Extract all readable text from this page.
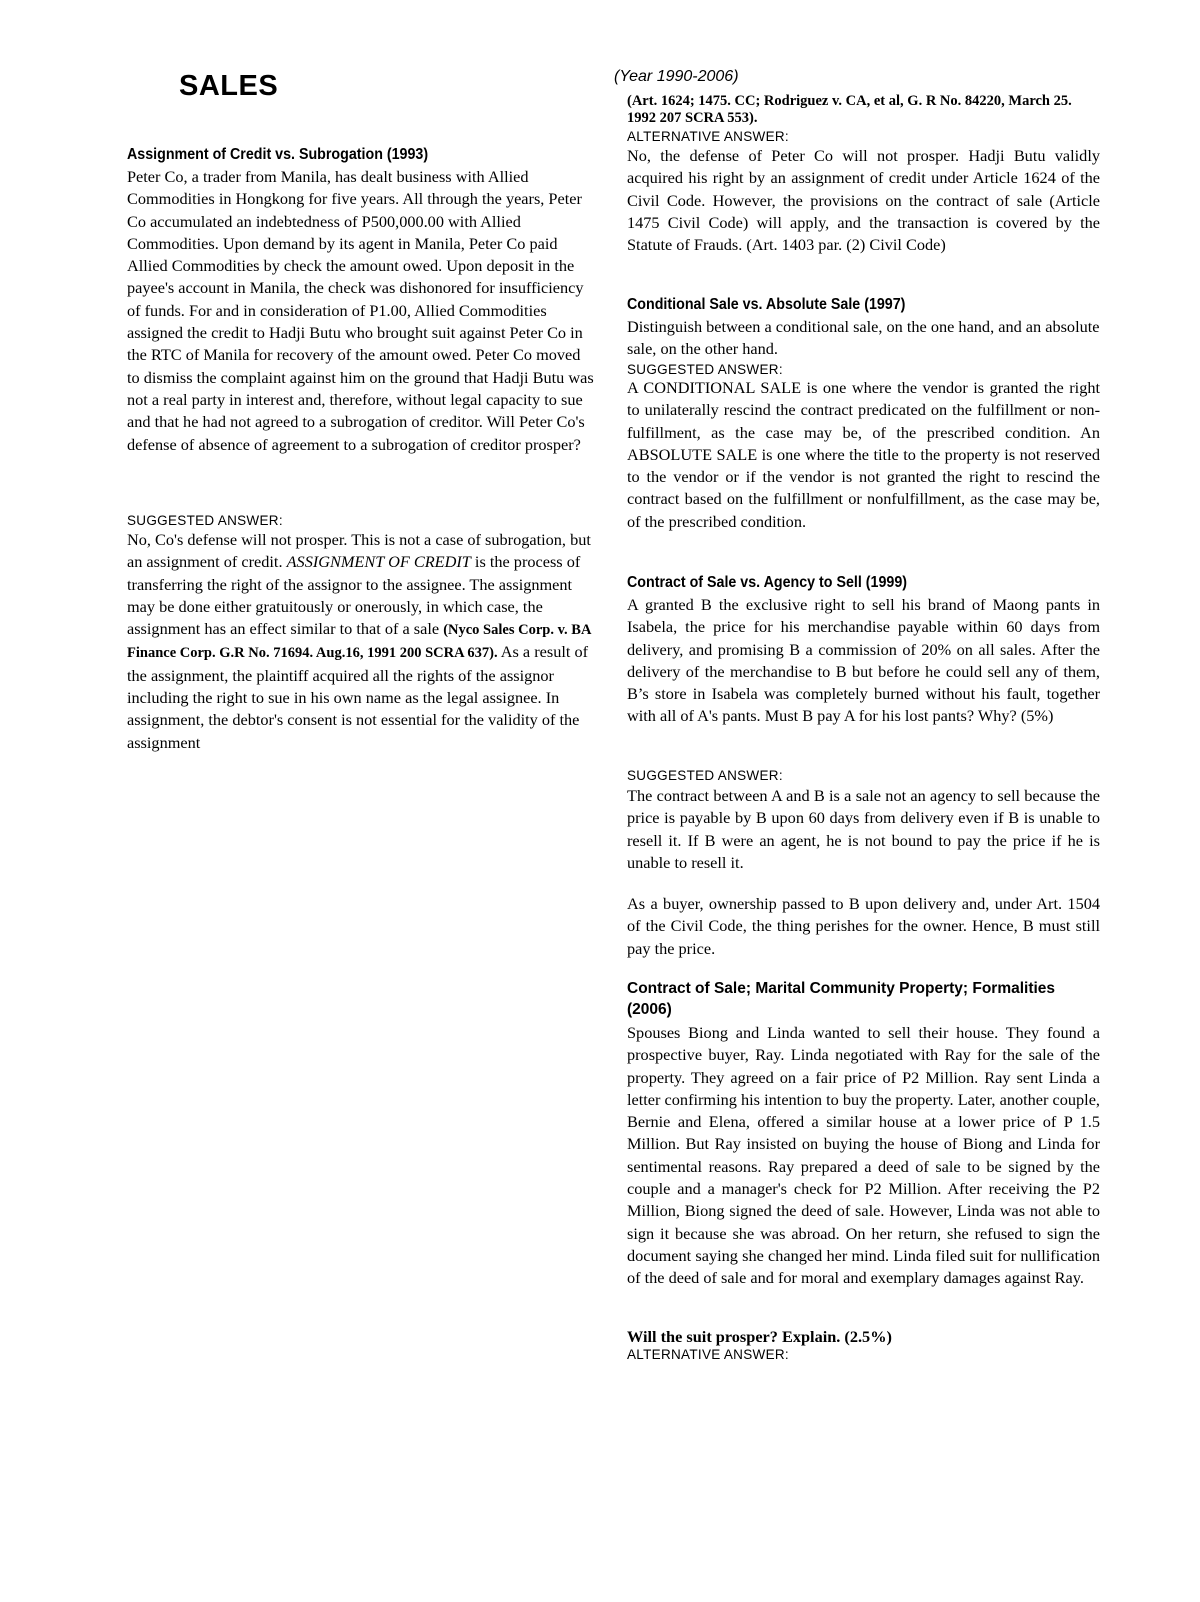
SALES	(Year 1990-2006)
Assignment of Credit vs. Subrogation (1993)

Peter Co, a trader from Manila, has dealt business with Allied Commodities in Hongkong for five years. All through the years, Peter Co accumulated an indebtedness of P500,000.00 with Allied Commodities. Upon demand by its agent in Manila, Peter Co paid Allied Commodities by check the amount owed. Upon deposit in the payee's account in Manila, the check was dishonored for insufficiency of funds. For and in consideration of P1.00, Allied Commodities assigned the credit to Hadji Butu who brought suit against Peter Co in the RTC of Manila for recovery of the amount owed. Peter Co moved to dismiss the complaint against him on the ground that Hadji Butu was not a real party in interest and, therefore, without legal capacity to sue and that he had not agreed to a subrogation of creditor. Will Peter Co's defense of absence of agreement to a subrogation of creditor prosper?

SUGGESTED ANSWER:

No, Co's defense will not prosper. This is not a case of subrogation, but an assignment of credit. ASSIGNMENT OF CREDIT is the process of transferring the right of the assignor to the assignee. The assignment may be done either gratuitously or onerously, in which case, the assignment has an effect similar to that of a sale (Nyco Sales Corp. v. BA Finance Corp. G.R No. 71694. Aug.16, 1991 200 SCRA 637). As a result of the assignment, the plaintiff acquired all the rights of the assignor including the right to sue in his own name as the legal assignee. In assignment, the debtor's consent is not essential for the validity of the assignment

(Art. 1624; 1475. CC; Rodriguez v. CA, et al, G. R No. 84220, March 25. 1992 207 SCRA 553).
ALTERNATIVE ANSWER:

No, the defense of Peter Co will not prosper. Hadji Butu validly acquired his right by an assignment of credit under Article 1624 of the Civil Code. However, the provisions on the contract of sale (Article 1475 Civil Code) will apply, and the transaction is covered by the Statute of Frauds. (Art. 1403 par. (2) Civil Code)

Conditional Sale vs. Absolute Sale (1997)

Distinguish between a conditional sale, on the one hand, and an absolute sale, on the other hand.

SUGGESTED ANSWER:

A CONDITIONAL SALE is one where the vendor is granted the right to unilaterally rescind the contract predicated on the fulfillment or non-fulfillment, as the case may be, of the prescribed condition. An ABSOLUTE SALE is one where the title to the property is not reserved to the vendor or if the vendor is not granted the right to rescind the contract based on the fulfillment or nonfulfillment, as the case may be, of the prescribed condition.

Contract of Sale vs. Agency to Sell (1999)

A granted B the exclusive right to sell his brand of Maong pants in Isabela, the price for his merchandise payable within 60 days from delivery, and promising B a commission of 20% on all sales. After the delivery of the merchandise to B but before he could sell any of them, B’s store in Isabela was completely burned without his fault, together with all of A's pants. Must B pay A for his lost pants? Why? (5%)

SUGGESTED ANSWER:

The contract between A and B is a sale not an agency to sell because the price is payable by B upon 60 days from delivery even if B is unable to resell it. If B were an agent, he is not bound to pay the price if he is unable to resell it.

As a buyer, ownership passed to B upon delivery and, under Art. 1504 of the Civil Code, the thing perishes for the owner. Hence, B must still pay the price.

Contract of Sale; Marital Community Property; Formalities (2006)

Spouses Biong and Linda wanted to sell their house. They found a prospective buyer, Ray. Linda negotiated with Ray for the sale of the property. They agreed on a fair price of P2 Million. Ray sent Linda a letter confirming his intention to buy the property. Later, another couple, Bernie and Elena, offered a similar house at a lower price of P 1.5 Million. But Ray insisted on buying the house of Biong and Linda for sentimental reasons. Ray prepared a deed of sale to be signed by the couple and a manager's check for P2 Million. After receiving the P2 Million, Biong signed the deed of sale. However, Linda was not able to sign it because she was abroad. On her return, she refused to sign the document saying she changed her mind. Linda filed suit for nullification of the deed of sale and for moral and exemplary damages against Ray.

Will the suit prosper? Explain. (2.5%)
ALTERNATIVE ANSWER:
